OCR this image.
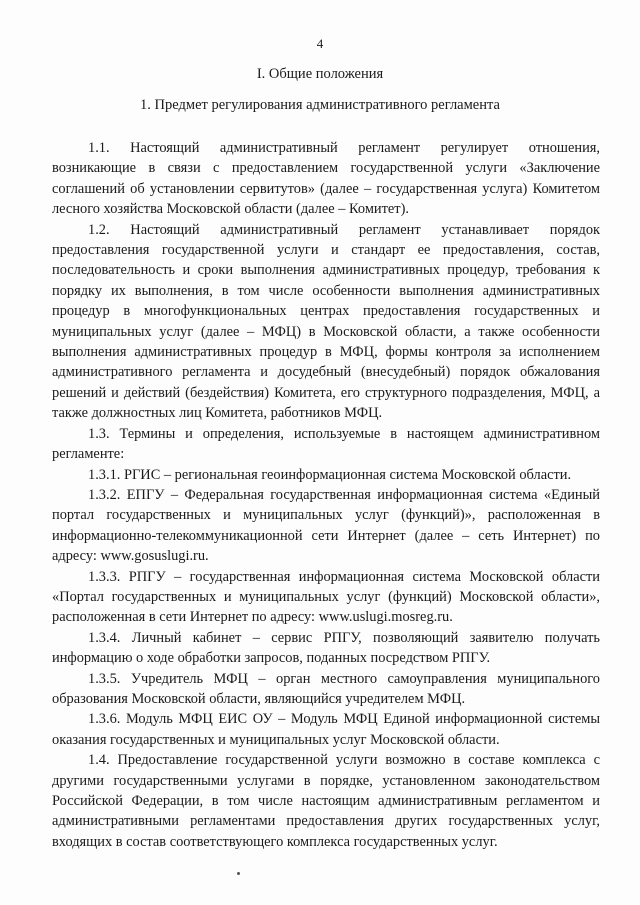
4
I. Общие положения
1. Предмет регулирования административного регламента

1.1. Настоящий административный регламент регулирует отношения, возникающие в связи с предоставлением государственной услуги «Заключение соглашений об установлении сервитутов» (далее – государственная услуга) Комитетом лесного хозяйства Московской области (далее – Комитет).

1.2. Настоящий административный регламент устанавливает порядок предоставления государственной услуги и стандарт ее предоставления, состав, последовательность и сроки выполнения административных процедур, требования к порядку их выполнения, в том числе особенности выполнения административных процедур в многофункциональных центрах предоставления государственных и муниципальных услуг (далее – МФЦ) в Московской области, а также особенности выполнения административных процедур в МФЦ, формы контроля за исполнением административного регламента и досудебный (внесудебный) порядок обжалования решений и действий (бездействия) Комитета, его структурного подразделения, МФЦ, а также должностных лиц Комитета, работников МФЦ.

1.3. Термины и определения, используемые в настоящем административном регламенте:

1.3.1. РГИС – региональная геоинформационная система Московской области.

1.3.2. ЕПГУ – Федеральная государственная информационная система «Единый портал государственных и муниципальных услуг (функций)», расположенная в информационно-телекоммуникационной сети Интернет (далее – сеть Интернет) по адресу: www.gosuslugi.ru.

1.3.3. РПГУ – государственная информационная система Московской области «Портал государственных и муниципальных услуг (функций) Московской области», расположенная в сети Интернет по адресу: www.uslugi.mosreg.ru.

1.3.4. Личный кабинет – сервис РПГУ, позволяющий заявителю получать информацию о ходе обработки запросов, поданных посредством РПГУ.

1.3.5. Учредитель МФЦ – орган местного самоуправления муниципального образования Московской области, являющийся учредителем МФЦ.

1.3.6. Модуль МФЦ ЕИС ОУ – Модуль МФЦ Единой информационной системы оказания государственных и муниципальных услуг Московской области.

1.4. Предоставление государственной услуги возможно в составе комплекса с другими государственными услугами в порядке, установленном законодательством Российской Федерации, в том числе настоящим административным регламентом и административными регламентами предоставления других государственных услуг, входящих в состав соответствующего комплекса государственных услуг.
